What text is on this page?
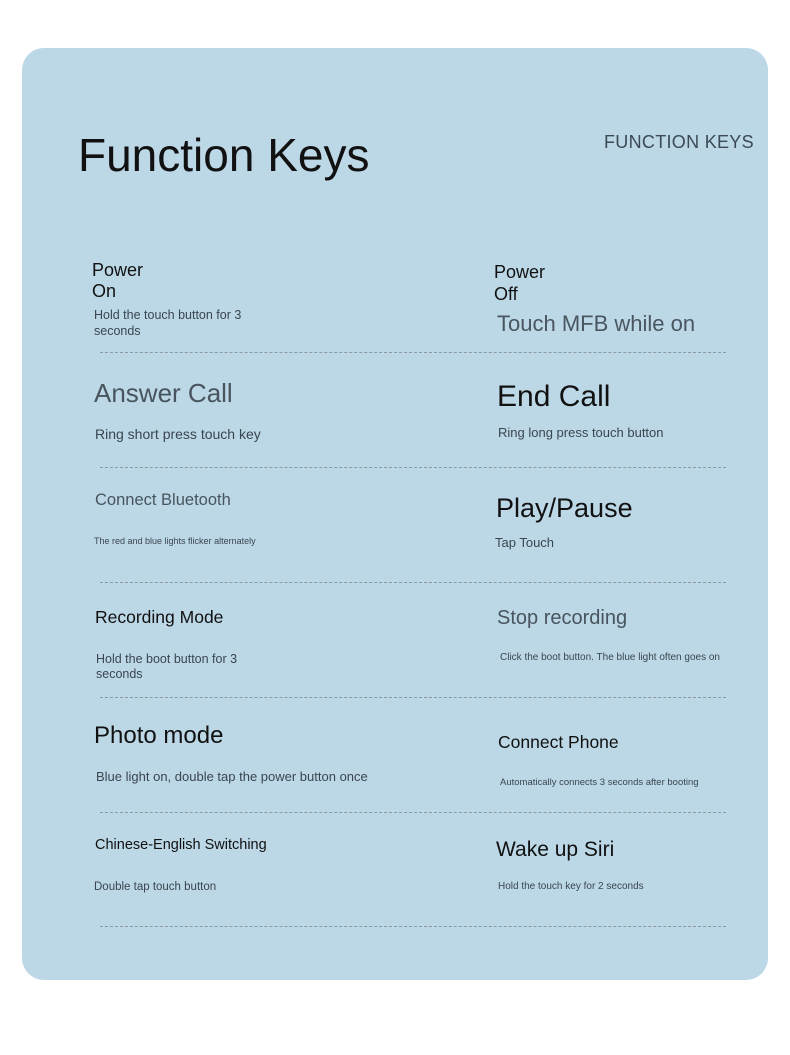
Function Keys	FUNCTION KEYS
Power On
Hold the touch button for 3 seconds
Power Off
Touch MFB while on
Answer Call
Ring short press touch key
End Call
Ring long press touch button
Connect Bluetooth
The red and blue lights flicker alternately
Play/Pause
Tap Touch
Recording Mode
Hold the boot button for 3 seconds
Stop recording
Click the boot button. The blue light often goes on
Photo mode
Blue light on, double tap the power button once
Connect Phone
Automatically connects 3 seconds after booting
Chinese-English Switching
Double tap touch button
Wake up Siri
Hold the touch key for 2 seconds
